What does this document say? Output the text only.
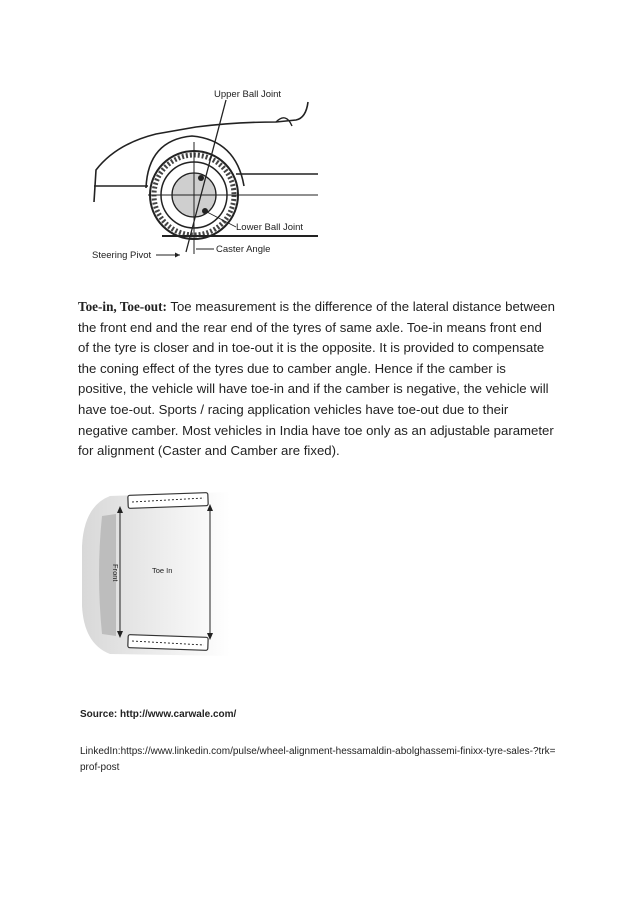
Upper Ball Joint
Lower Ball Joint
Caster Angle
Steering Pivot
Toe-in, Toe-out: Toe measurement is the difference of the lateral distance between the front end and the rear end of the tyres of same axle. Toe-in means front end of the tyre is closer and in toe-out it is the opposite. It is provided to compensate the coning effect of the tyres due to camber angle. Hence if the camber is positive, the vehicle will have toe-in and if the camber is negative, the vehicle will have toe-out. Sports / racing application vehicles have toe-out due to their negative camber. Most vehicles in India have toe only as an adjustable parameter for alignment (Caster and Camber are fixed).
Front	Toe In
Source: http://www.carwale.com/
LinkedIn:https://www.linkedin.com/pulse/wheel-alignment-hessamaldin-abolghassemi-finixx-tyre-sales-?trk=prof-post
